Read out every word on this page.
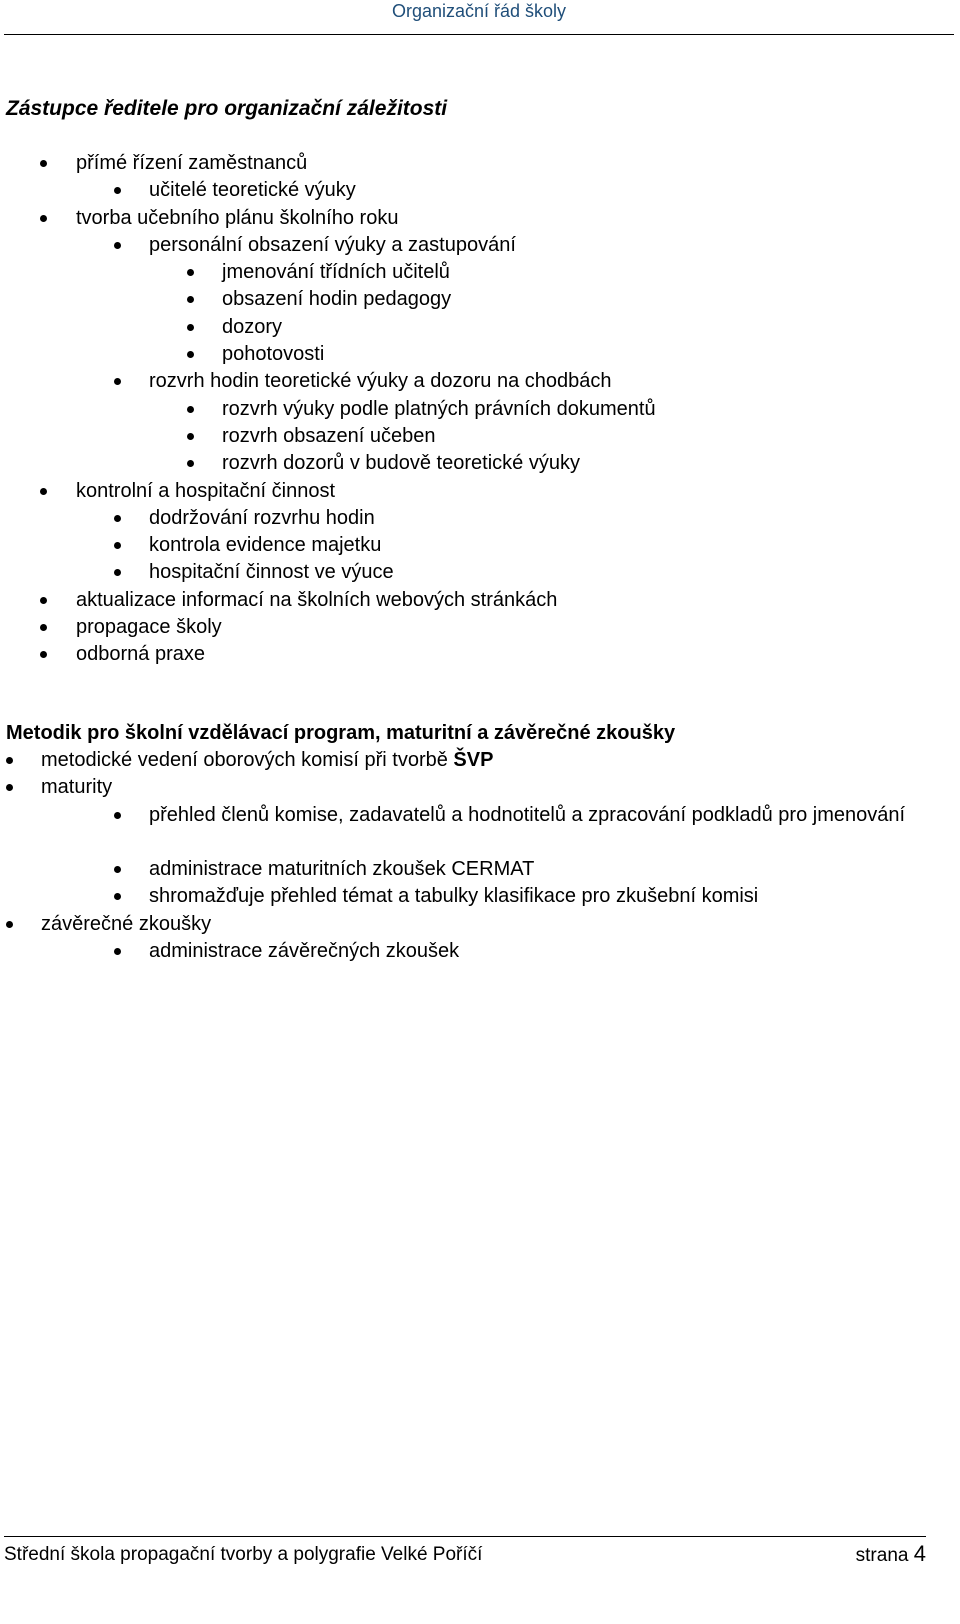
Organizační řád školy
Zástupce ředitele pro organizační záležitosti
přímé řízení zaměstnanců
učitelé teoretické výuky
tvorba učebního plánu školního roku
personální obsazení výuky a zastupování
jmenování třídních učitelů
obsazení hodin pedagogy
dozory
pohotovosti
rozvrh hodin teoretické výuky a dozoru na chodbách
rozvrh výuky podle platných právních dokumentů
rozvrh obsazení učeben
rozvrh dozorů v budově teoretické výuky
kontrolní a hospitační činnost
dodržování rozvrhu hodin
kontrola evidence majetku
hospitační činnost ve výuce
aktualizace informací na školních webových stránkách
propagace školy
odborná praxe
Metodik pro školní vzdělávací program, maturitní a závěrečné zkoušky
metodické vedení oborových komisí při tvorbě ŠVP
maturity
přehled členů komise, zadavatelů a hodnotitelů a zpracování podkladů pro jmenování
administrace maturitních zkoušek CERMAT
shromažďuje přehled témat a tabulky klasifikace pro zkušební komisi
závěrečné zkoušky
administrace závěrečných zkoušek
Střední škola propagační tvorby a polygrafie Velké Poříčí	strana 4
